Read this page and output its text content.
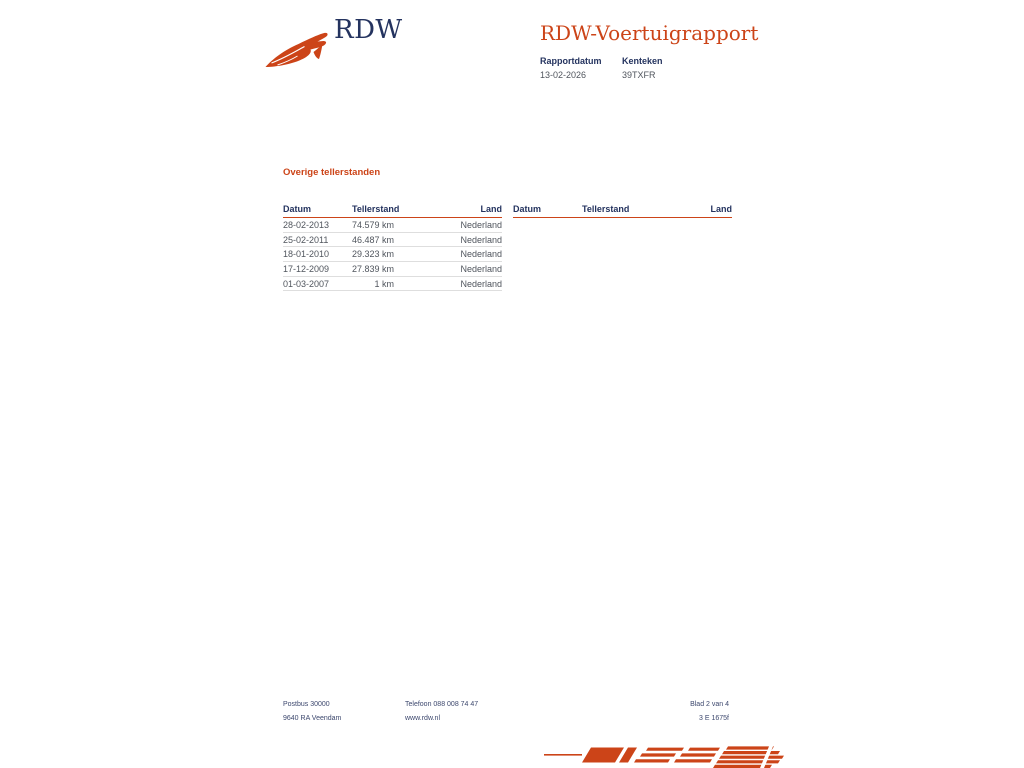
RDW	RDW-Voertuigrapport
Rapportdatum
13-02-2026
Kenteken
39TXFR
Overige tellerstanden
Datum	Tellerstand	Land
28-02-2013	74.579 km	Nederland
25-02-2011	46.487 km	Nederland
18-01-2010	29.323 km	Nederland
17-12-2009	27.839 km	Nederland
01-03-2007	1 km	Nederland
Datum	Tellerstand	Land
Postbus 30000	Telefoon 088 008 74 47	Blad 2 van 4
9640 RA Veendam	www.rdw.nl	3 E 1675f
